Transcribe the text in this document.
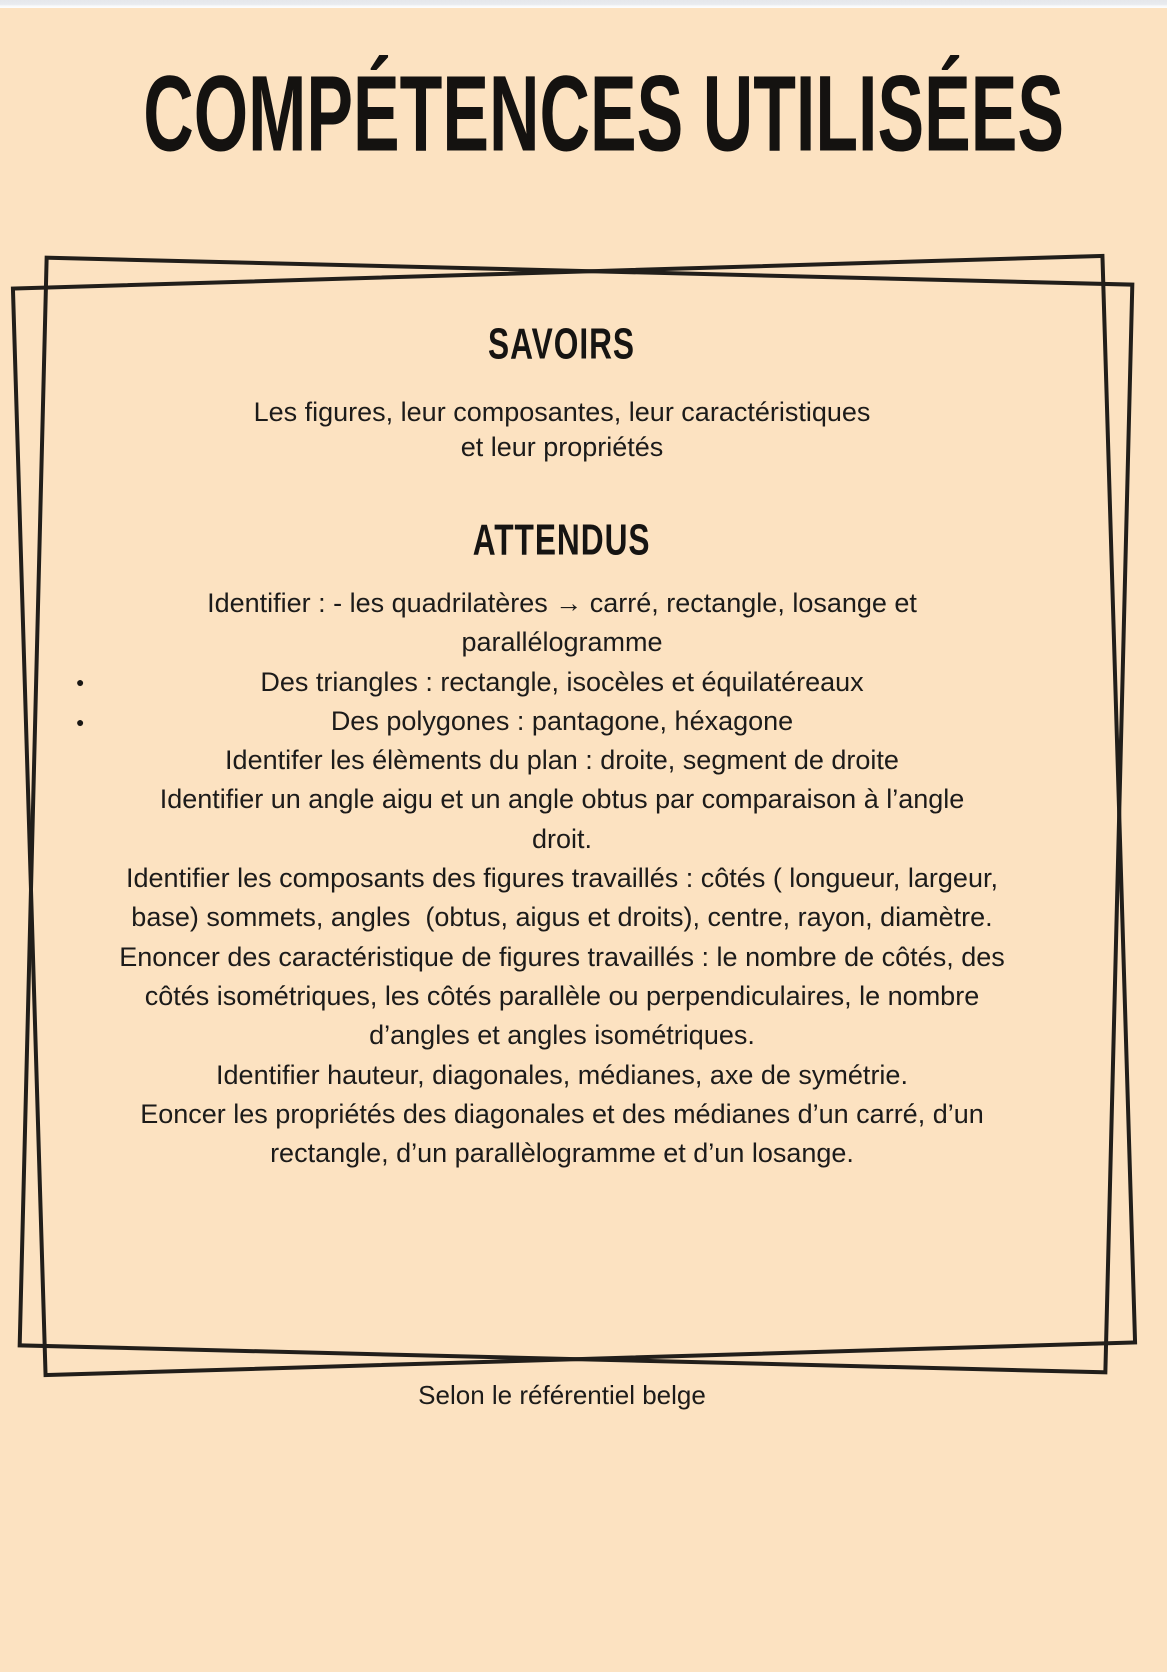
COMPÉTENCES UTILISÉES
SAVOIRS
Les figures, leur composantes, leur caractéristiques
et leur propriétés
ATTENDUS
Identifier : - les quadrilatères → carré, rectangle, losange et
parallélogramme
●	Des triangles : rectangle, isocèles et équilatéreaux
●	Des polygones : pantagone, héxagone
Identifer les élèments du plan : droite, segment de droite
Identifier un angle aigu et un angle obtus par comparaison à l’angle
droit.
Identifier les composants des figures travaillés : côtés ( longueur, largeur,
base) sommets, angles  (obtus, aigus et droits), centre, rayon, diamètre.
Enoncer des caractéristique de figures travaillés : le nombre de côtés, des
côtés isométriques, les côtés parallèle ou perpendiculaires, le nombre
d’angles et angles isométriques.
Identifier hauteur, diagonales, médianes, axe de symétrie.
Eoncer les propriétés des diagonales et des médianes d’un carré, d’un
rectangle, d’un parallèlogramme et d’un losange.
Selon le référentiel belge
